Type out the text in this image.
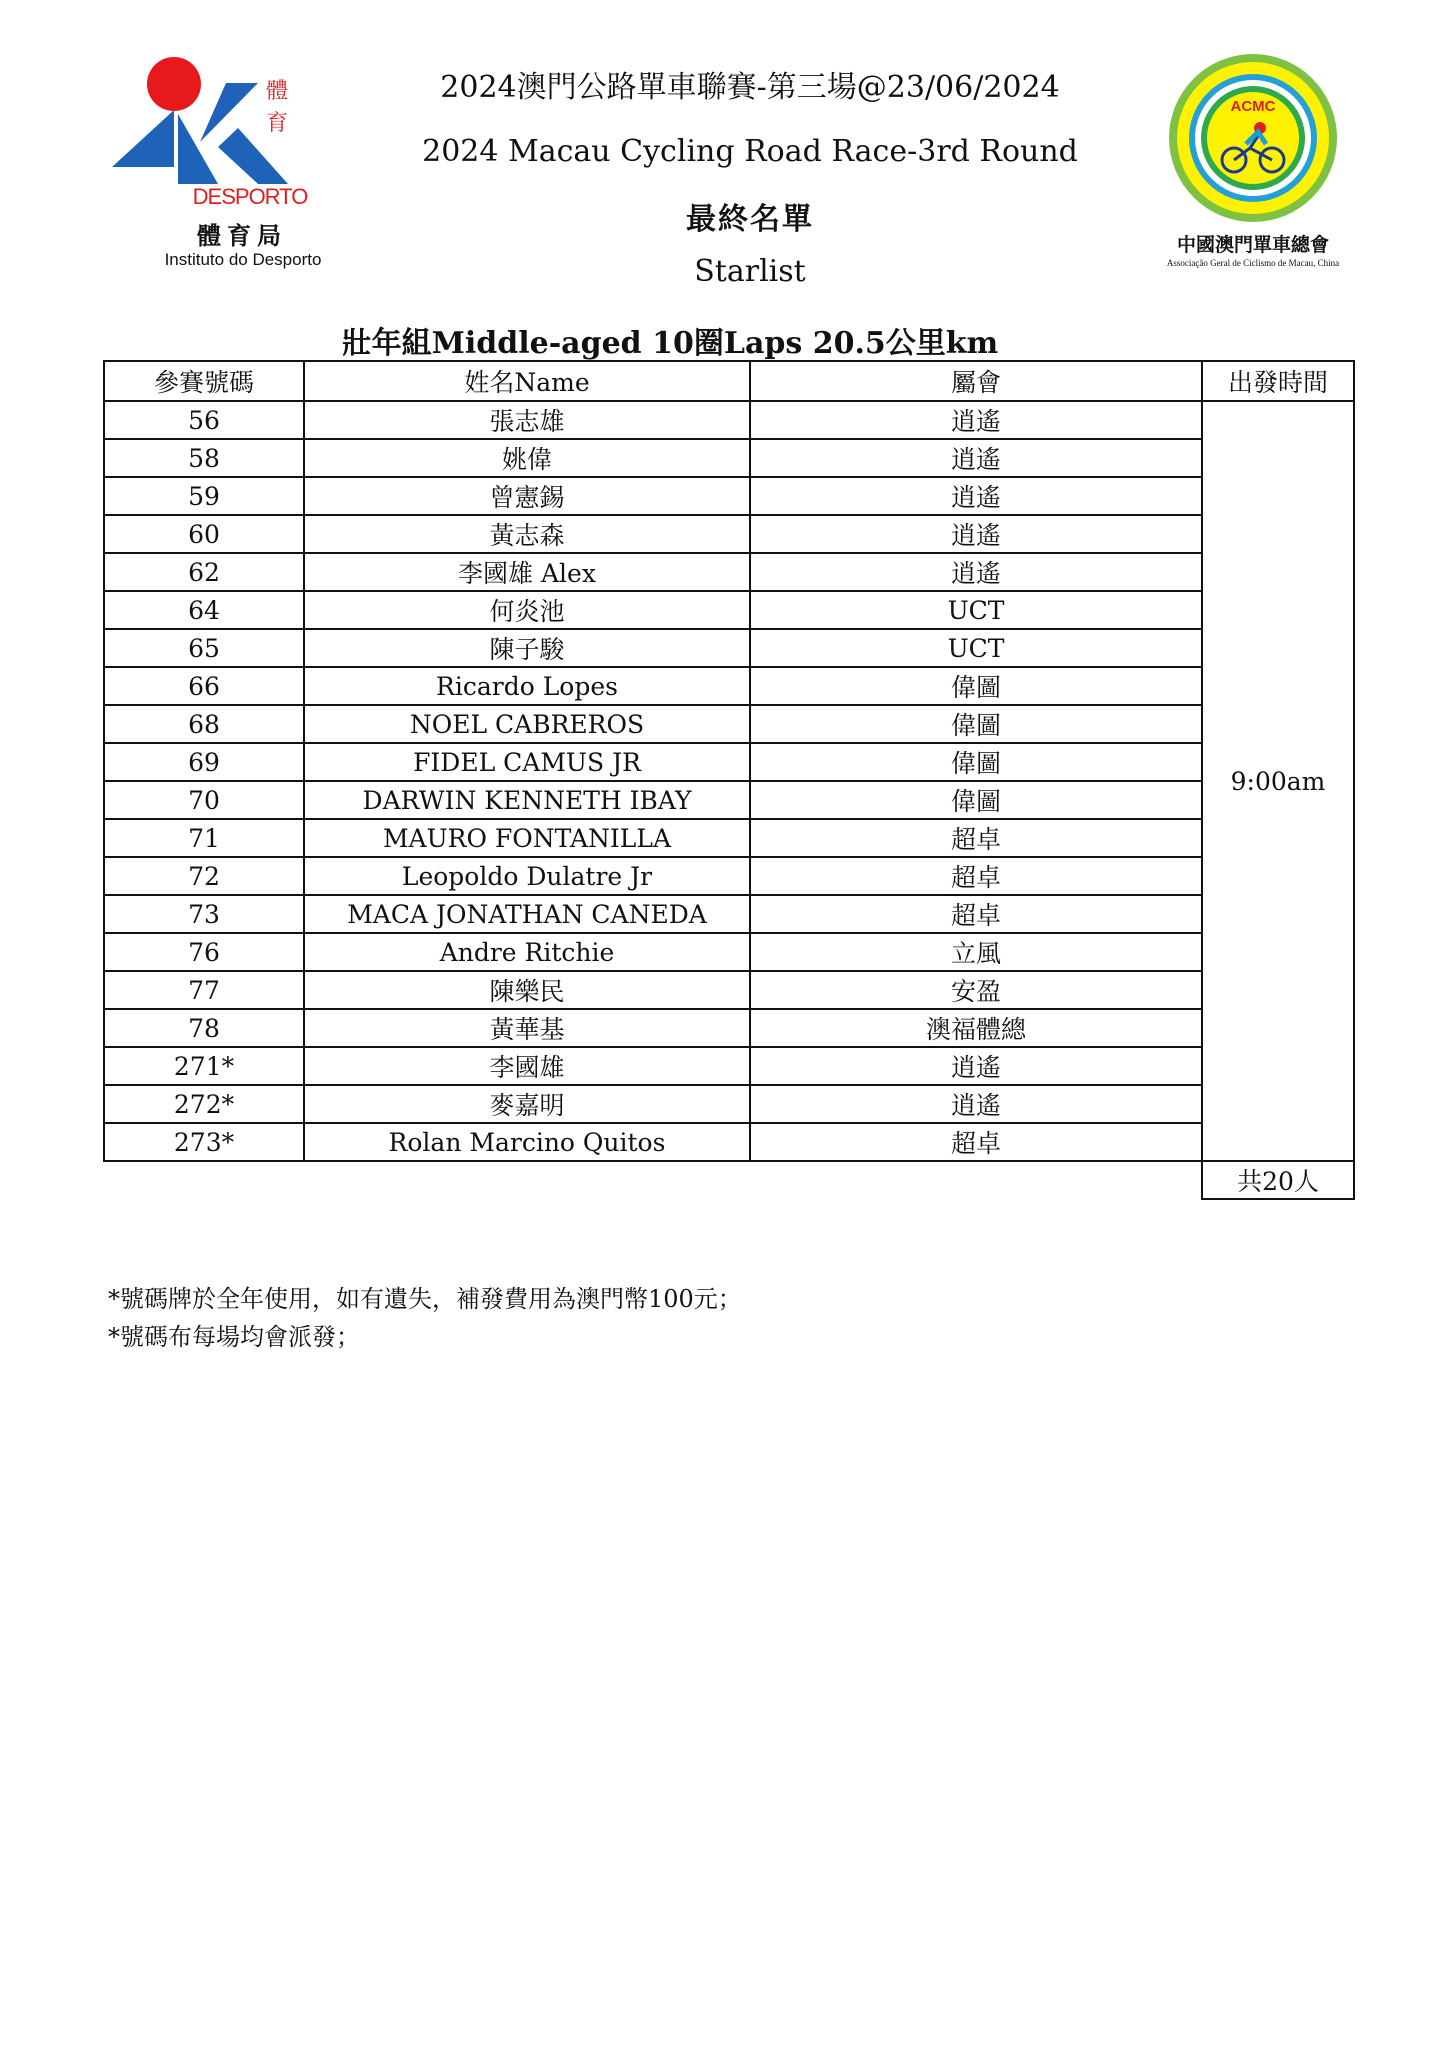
體育
DESPORTO
體育局
Instituto do Desporto
ACMC
中國澳門單車總會
Associação Geral de Ciclismo de Macau, China
2024澳門公路單車聯賽-第三場@23/06/2024
2024 Macau Cycling Road Race-3rd Round
最終名單
Starlist
壯年組Middle-aged 10圈Laps 20.5公里km
參賽號碼	姓名Name	屬會	出發時間
56	張志雄	逍遙	9:00am
58	姚偉	逍遙	
59	曾憲錫	逍遙	
60	黃志森	逍遙	
62	李國雄 Alex	逍遙	
64	何炎池	UCT	
65	陳子駿	UCT	
66	Ricardo Lopes	偉圖	
68	NOEL CABREROS	偉圖	
69	FIDEL CAMUS JR	偉圖	
70	DARWIN KENNETH IBAY	偉圖	
71	MAURO FONTANILLA	超卓	
72	Leopoldo Dulatre Jr	超卓	
73	MACA JONATHAN CANEDA	超卓	
76	Andre Ritchie	立風	
77	陳樂民	安盈	
78	黃華基	澳福體總	
271*	李國雄	逍遙	
272*	麥嘉明	逍遙	
273*	Rolan Marcino Quitos	超卓	
			共20人
*號碼牌於全年使用，如有遺失，補發費用為澳門幣100元；
*號碼布每場均會派發；
